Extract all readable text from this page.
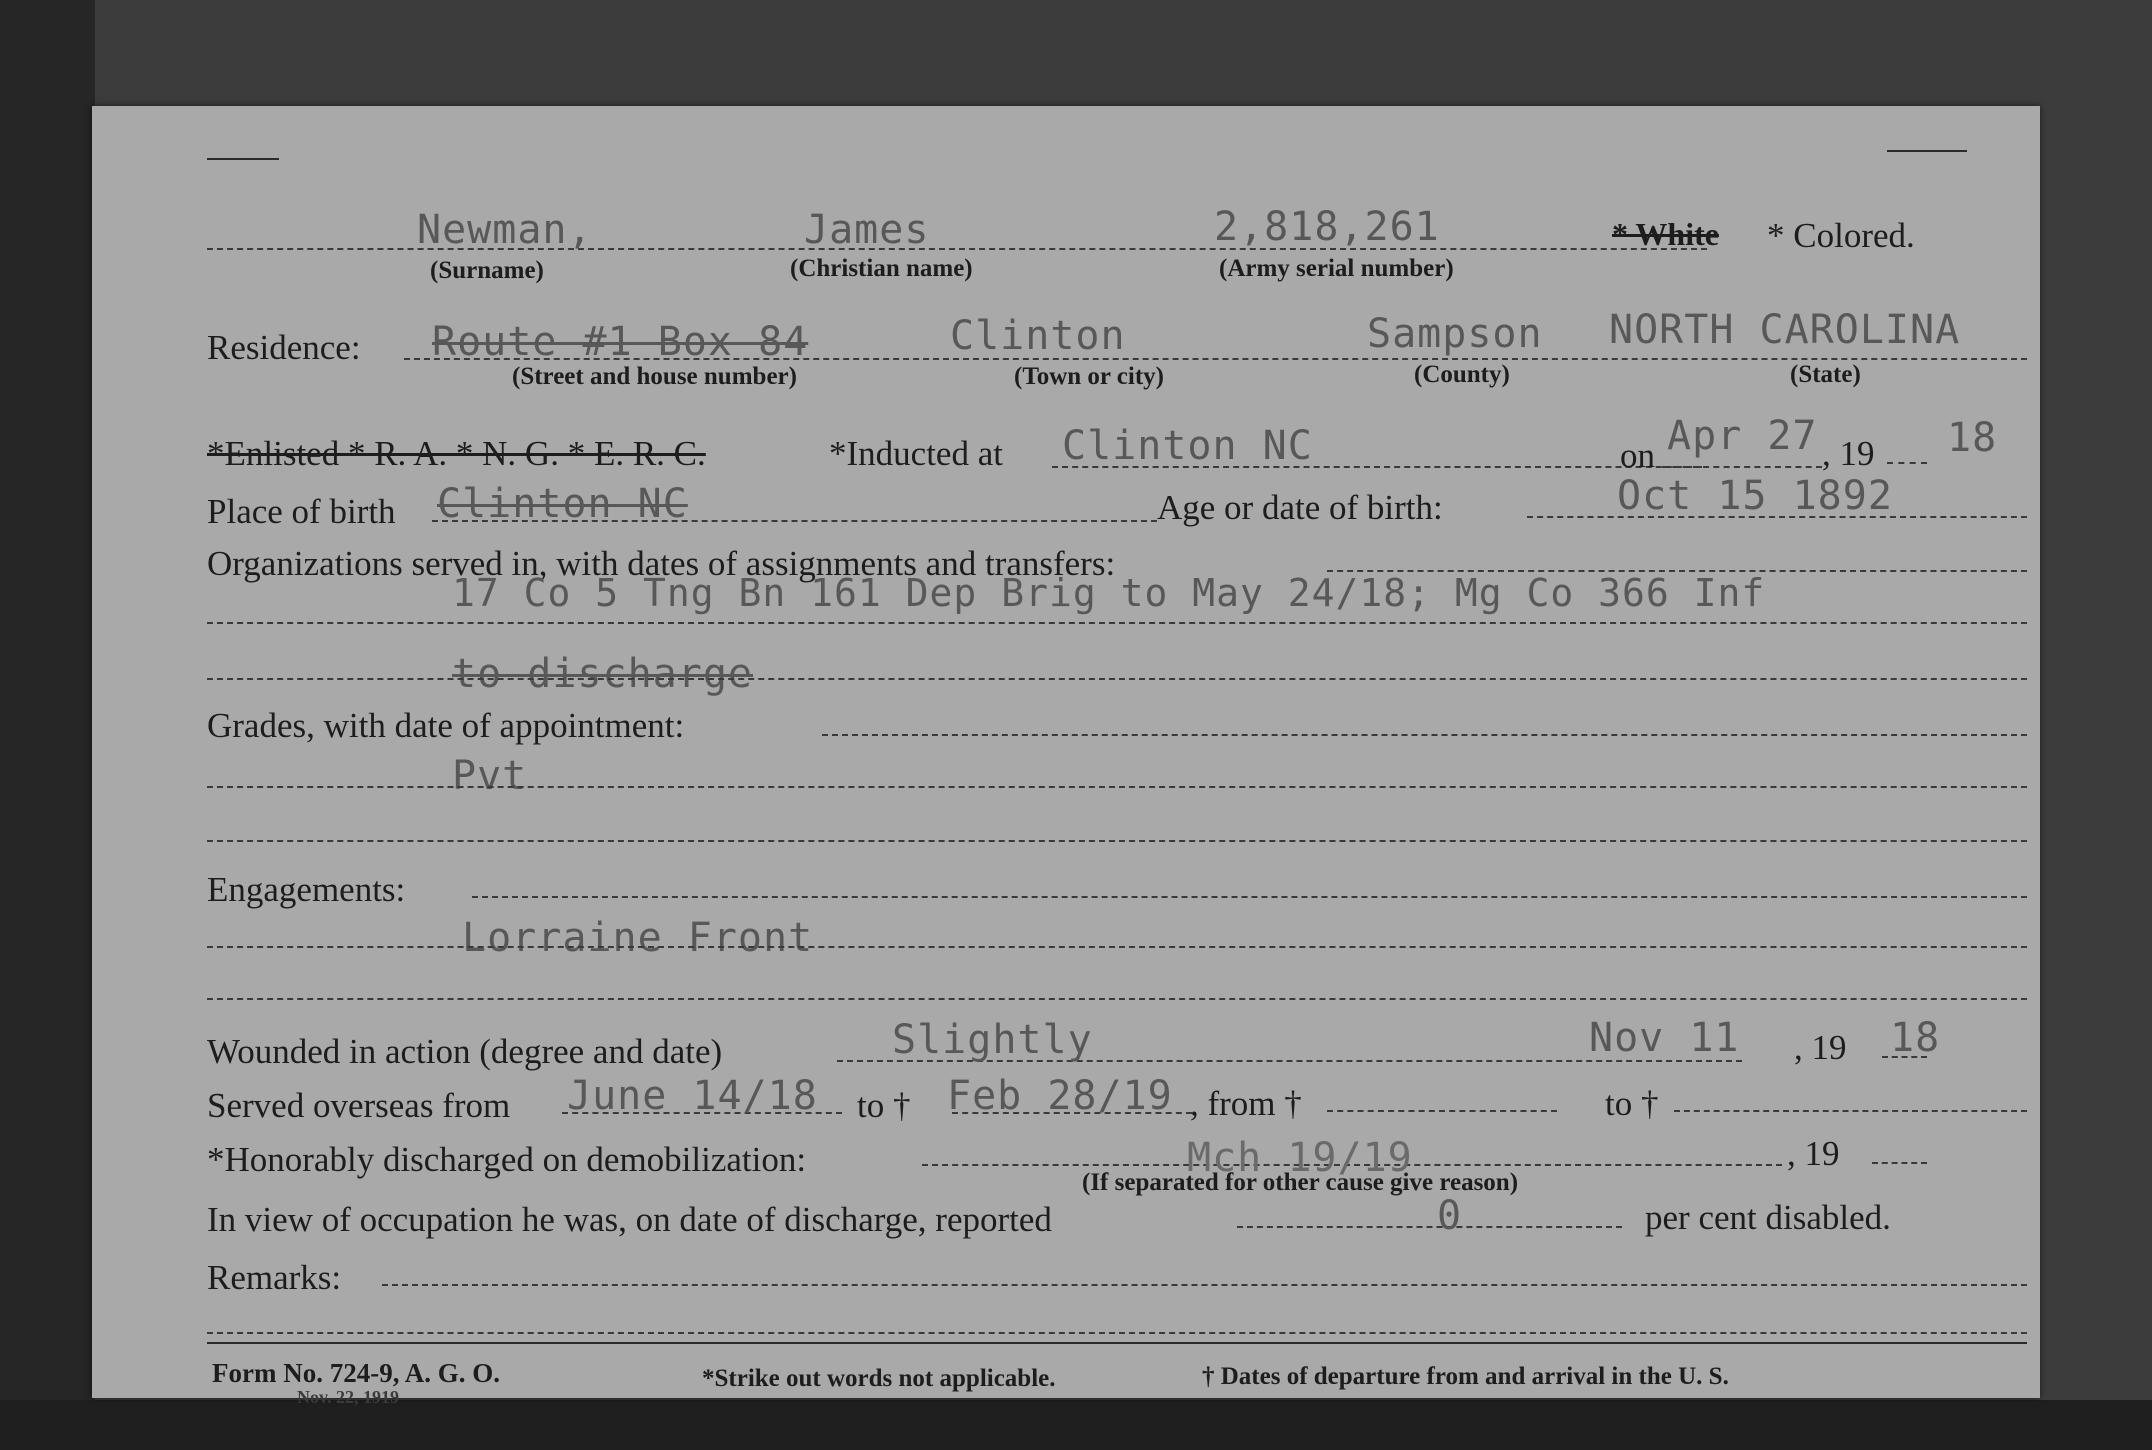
Newman,	James	2,818,261	* White * Colored.
(Surname)	(Christian name)	(Army serial number)
Residence: Route #1 Box 84	Clinton	Sampson NORTH CAROLINA
(Street and house number)	(Town or city)	(County)	(State)
*Enlisted * R. A. * N. G. * E. R. C.	*Inducted at Clinton NC	on Apr 27 , 19 18
Place of birth Clinton NC	Age or date of birth:	Oct 15 1892
Organizations served in, with dates of assignments and transfers:
17 Co 5 Tng Bn 161 Dep Brig to May 24/18; Mg Co 366 Inf
to discharge
Grades, with date of appointment:
Pvt
Engagements:
Lorraine Front
Wounded in action (degree and date)	Slightly	Nov 11 , 19 18
Served overseas from June 14/18 to † Feb 28/19 , from †	to †
*Honorably discharged on demobilization:	Mch 19/19	, 19
(If separated for other cause give reason)
In view of occupation he was, on date of discharge, reported	0	per cent disabled.
Remarks:
Form No. 724-9, A. G. O.
Nov. 22, 1919
*Strike out words not applicable.	† Dates of departure from and arrival in the U. S.
